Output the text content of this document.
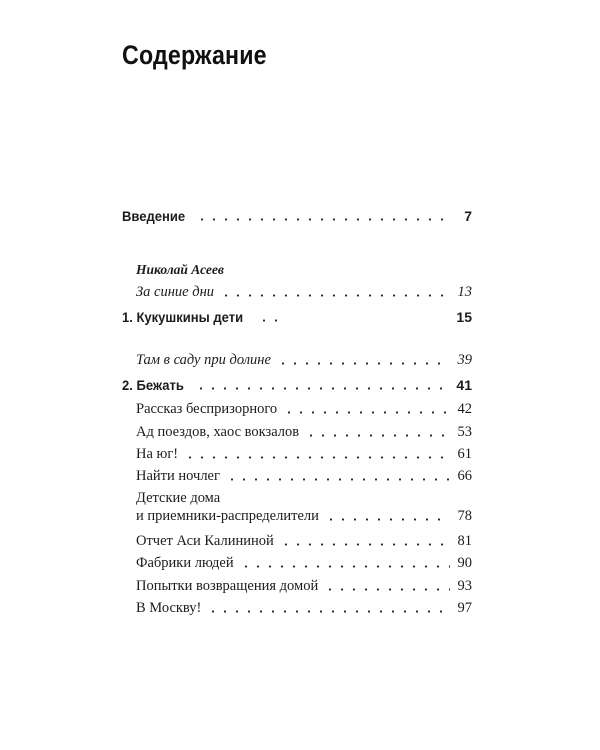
Содержание
Введение	7
Николай Асеев
За синие дни	13
1. Кукушкины дети	15
Там в саду при долине	39
2. Бежать	41
Рассказ беспризорного	42
Ад поездов, хаос вокзалов	53
На юг!	61
Найти ночлег	66
Детские дома
и приемники-распределители	78
Отчет Аси Калининой	81
Фабрики людей	90
Попытки возвращения домой	93
В Москву!	97
